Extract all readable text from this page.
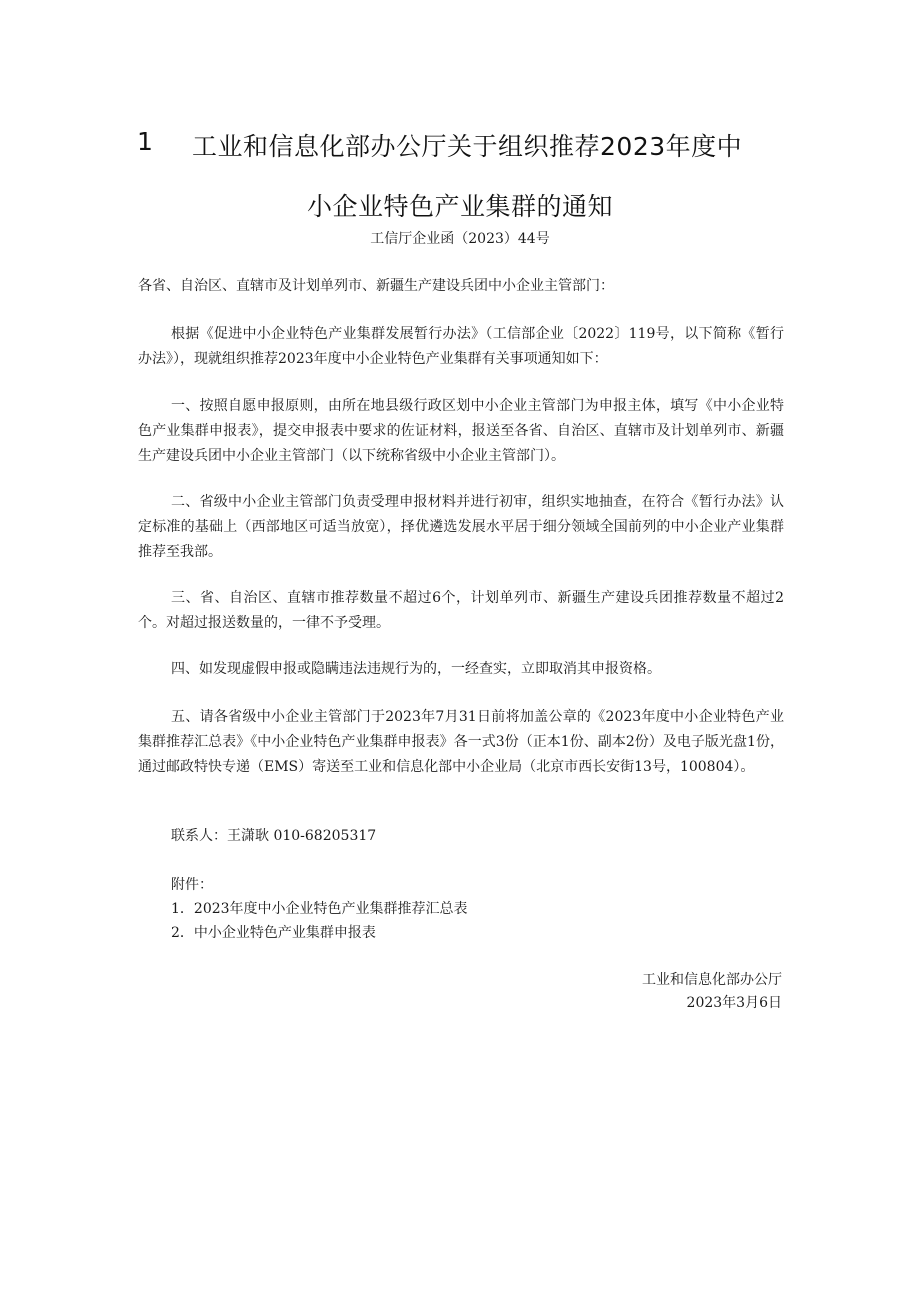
1 工业和信息化部办公厅关于组织推荐2023年度中
小企业特色产业集群的通知
工信厅企业函（2023）44号
各省、自治区、直辖市及计划单列市、新疆生产建设兵团中小企业主管部门：
根据《促进中小企业特色产业集群发展暂行办法》（工信部企业〔2022〕119号，以下简称《暂行办法》），现就组织推荐2023年度中小企业特色产业集群有关事项通知如下：
一、按照自愿申报原则，由所在地县级行政区划中小企业主管部门为申报主体，填写《中小企业特色产业集群申报表》，提交申报表中要求的佐证材料，报送至各省、自治区、直辖市及计划单列市、新疆生产建设兵团中小企业主管部门（以下统称省级中小企业主管部门）。
二、省级中小企业主管部门负责受理申报材料并进行初审，组织实地抽查，在符合《暂行办法》认定标准的基础上（西部地区可适当放宽），择优遴选发展水平居于细分领域全国前列的中小企业产业集群推荐至我部。
三、省、自治区、直辖市推荐数量不超过6个，计划单列市、新疆生产建设兵团推荐数量不超过2个。对超过报送数量的，一律不予受理。
四、如发现虚假申报或隐瞒违法违规行为的，一经查实，立即取消其申报资格。
五、请各省级中小企业主管部门于2023年7月31日前将加盖公章的《2023年度中小企业特色产业集群推荐汇总表》《中小企业特色产业集群申报表》各一式3份（正本1份、副本2份）及电子版光盘1份，通过邮政特快专递（EMS）寄送至工业和信息化部中小企业局（北京市西长安街13号，100804）。
联系人：王潇耿 010-68205317
附件：
1．2023年度中小企业特色产业集群推荐汇总表
2．中小企业特色产业集群申报表
工业和信息化部办公厅
2023年3月6日
